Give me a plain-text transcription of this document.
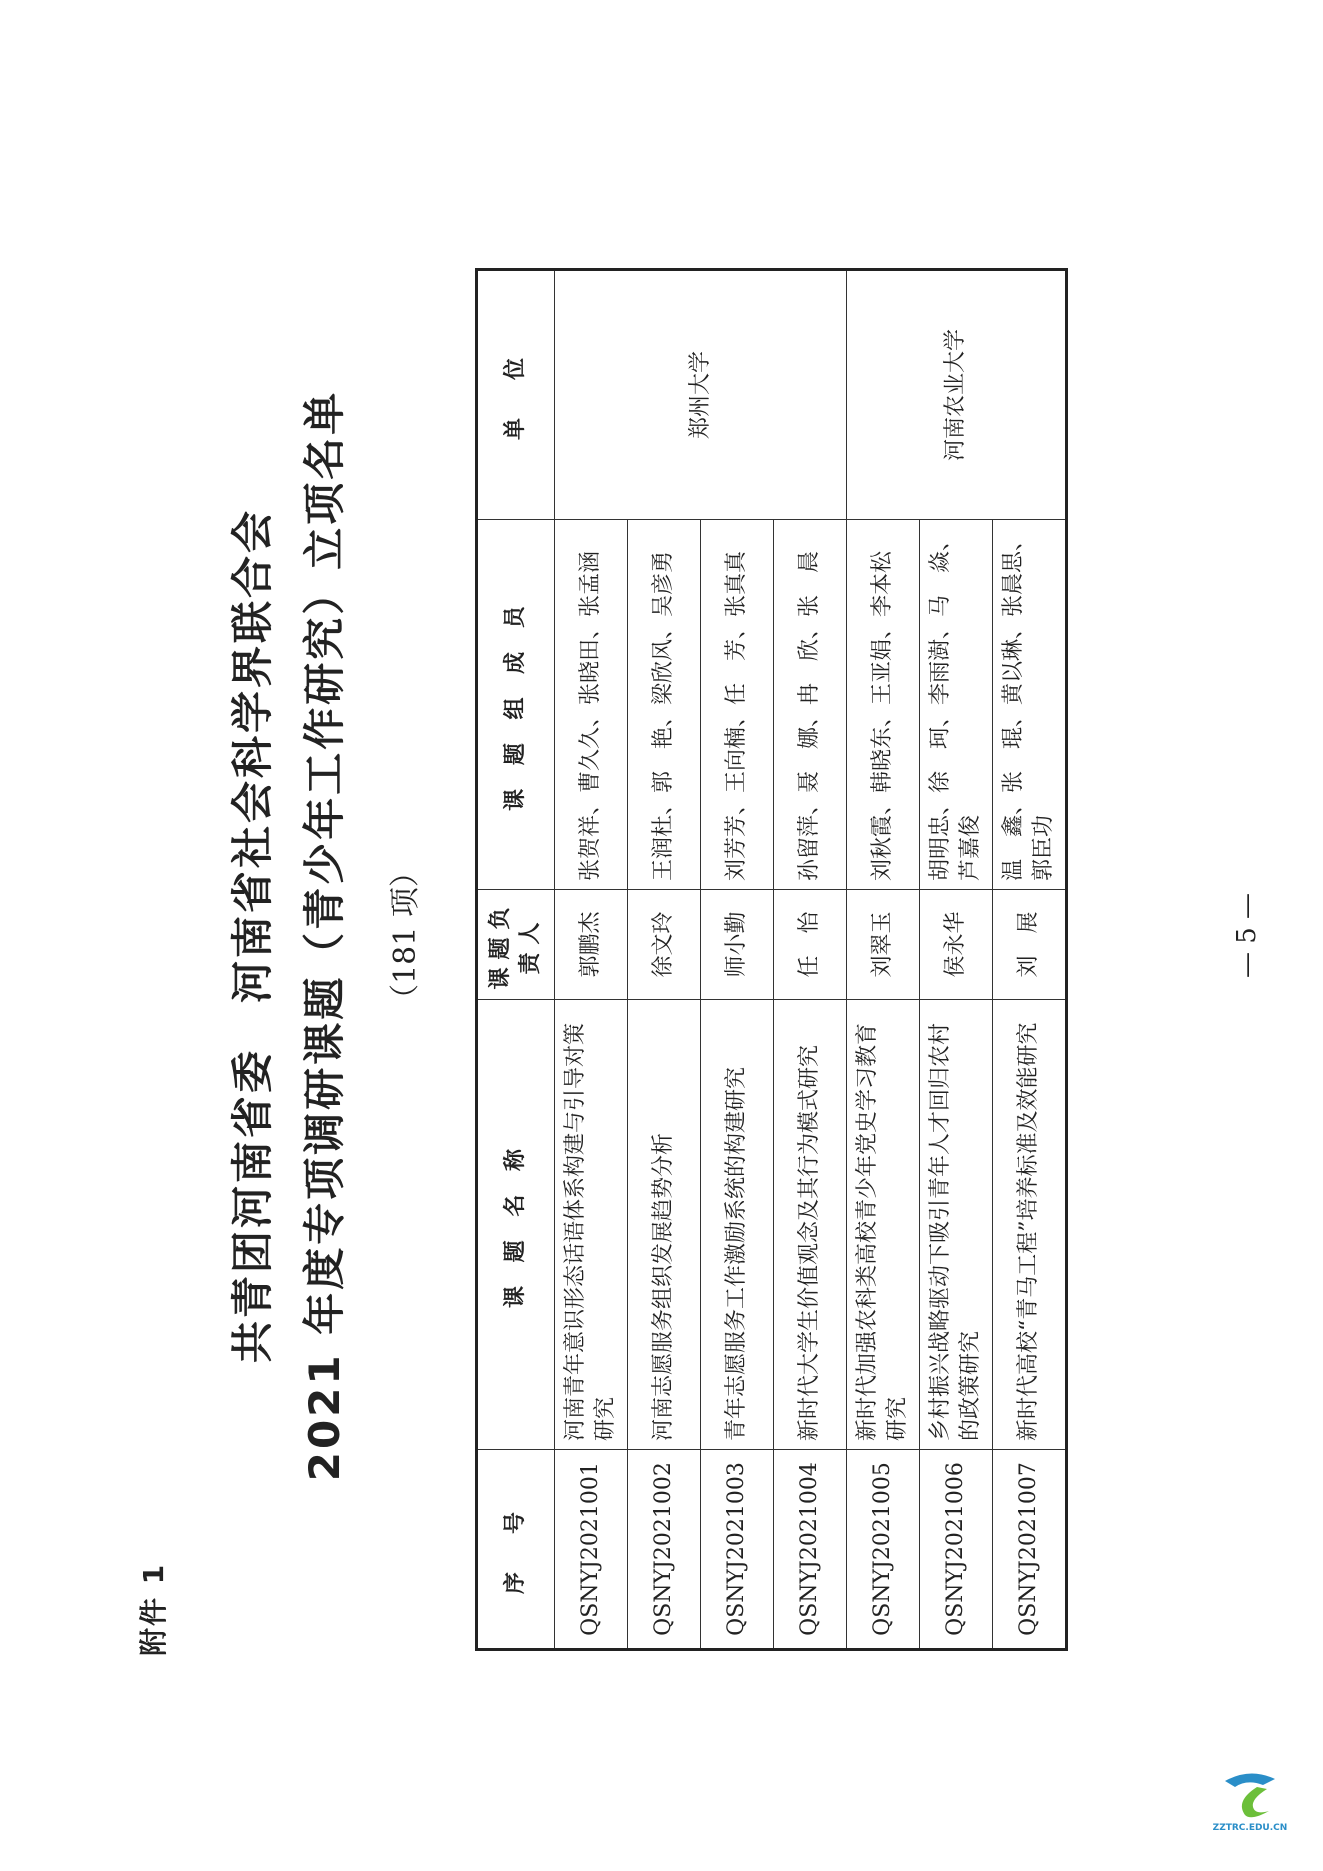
附件 1
共青团河南省委　河南省社会科学界联合会 2021 年度专项调研课题（青少年工作研究）立项名单 （181 项）
序　号	课 题 名 称	课题负责人	课 题 组 成 员	单　位
QSNYJ2021001	河南青年意识形态话语体系构建与引导对策研究	郭鹏杰	张贺祥、曹久久、张晓田、张孟涵	郑州大学
QSNYJ2021002	河南志愿服务组织发展趋势分析	徐文玲	王润杜、郭　艳、梁欣风、吴彦勇	
QSNYJ2021003	青年志愿服务工作激励系统的构建研究	师小勤	刘芳芳、王向楠、任　芳、张真真	
QSNYJ2021004	新时代大学生价值观念及其行为模式研究	任　怡	孙留萍、聂　娜、冉　欣、张　晨	
QSNYJ2021005	新时代加强农科类高校青少年党史学习教育研究	刘翠玉	刘秋霞、韩晓东、王亚娟、李本松	河南农业大学
QSNYJ2021006	乡村振兴战略驱动下吸引青年人才回归农村的政策研究	侯永华	胡明忠、徐　珂、李雨澍、马　焱、芦嘉俊	
QSNYJ2021007	新时代高校“青马工程”培养标准及效能研究	刘　展	温　鑫、张　琨、黄以琳、张晨思、郭臣功	
— 5 —
ZZTRC.EDU.CN
